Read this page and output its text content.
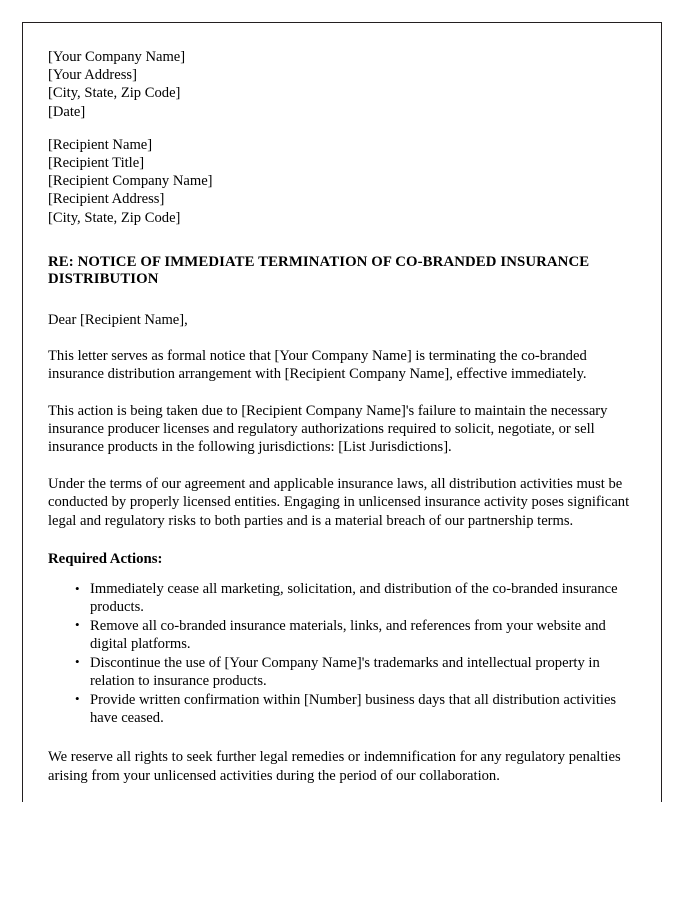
[Your Company Name]
[Your Address]
[City, State, Zip Code]
[Date]
[Recipient Name]
[Recipient Title]
[Recipient Company Name]
[Recipient Address]
[City, State, Zip Code]
RE: NOTICE OF IMMEDIATE TERMINATION OF CO-BRANDED INSURANCE DISTRIBUTION
Dear [Recipient Name],
This letter serves as formal notice that [Your Company Name] is terminating the co-branded insurance distribution arrangement with [Recipient Company Name], effective immediately.
This action is being taken due to [Recipient Company Name]'s failure to maintain the necessary insurance producer licenses and regulatory authorizations required to solicit, negotiate, or sell insurance products in the following jurisdictions: [List Jurisdictions].
Under the terms of our agreement and applicable insurance laws, all distribution activities must be conducted by properly licensed entities. Engaging in unlicensed insurance activity poses significant legal and regulatory risks to both parties and is a material breach of our partnership terms.
Required Actions:
• Immediately cease all marketing, solicitation, and distribution of the co-branded insurance products.
• Remove all co-branded insurance materials, links, and references from your website and digital platforms.
• Discontinue the use of [Your Company Name]'s trademarks and intellectual property in relation to insurance products.
• Provide written confirmation within [Number] business days that all distribution activities have ceased.
We reserve all rights to seek further legal remedies or indemnification for any regulatory penalties arising from your unlicensed activities during the period of our collaboration.
